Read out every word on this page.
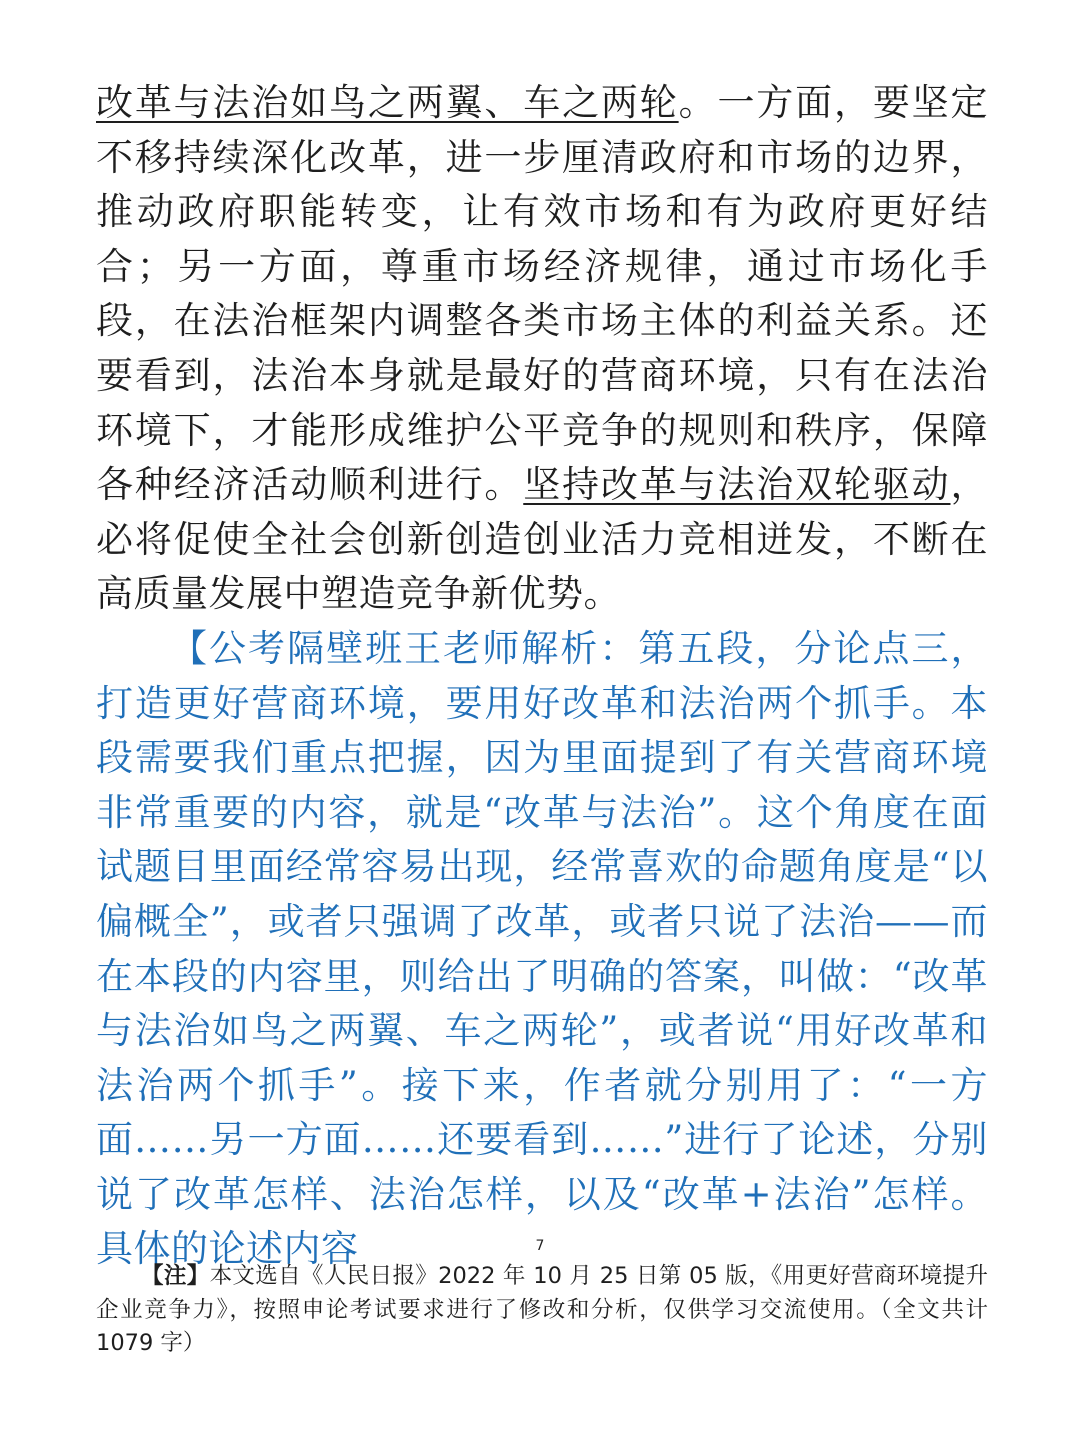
改革与法治如鸟之两翼、车之两轮。一方面，要坚定不移持续深化改革，进一步厘清政府和市场的边界，推动政府职能转变，让有效市场和有为政府更好结合；另一方面，尊重市场经济规律，通过市场化手段，在法治框架内调整各类市场主体的利益关系。还要看到，法治本身就是最好的营商环境，只有在法治环境下，才能形成维护公平竞争的规则和秩序，保障各种经济活动顺利进行。坚持改革与法治双轮驱动，必将促使全社会创新创造创业活力竞相迸发，不断在高质量发展中塑造竞争新优势。

【公考隔壁班王老师解析：第五段，分论点三，打造更好营商环境，要用好改革和法治两个抓手。本段需要我们重点把握，因为里面提到了有关营商环境非常重要的内容，就是“改革与法治”。这个角度在面试题目里面经常容易出现，经常喜欢的命题角度是“以偏概全”，或者只强调了改革，或者只说了法治——而在本段的内容里，则给出了明确的答案，叫做：“改革与法治如鸟之两翼、车之两轮”，或者说“用好改革和法治两个抓手”。接下来，作者就分别用了：“一方面……另一方面……还要看到……”进行了论述，分别说了改革怎样、法治怎样，以及“改革+法治”怎样。具体的论述内容	7

【注】本文选自《人民日报》2022 年 10 月 25 日第 05 版，《用更好营商环境提升企业竞争力》，按照申论考试要求进行了修改和分析，仅供学习交流使用。（全文共计 1079 字）
